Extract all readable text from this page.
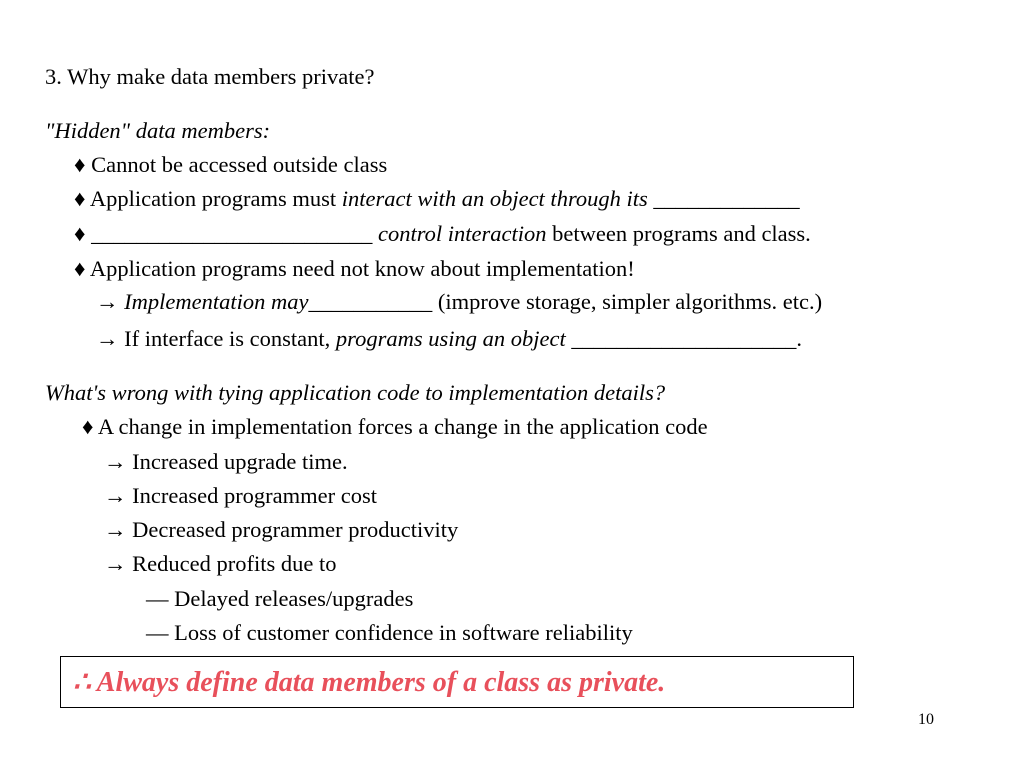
3. Why make data members private?
"Hidden" data members:
♦ Cannot be accessed outside class
♦ Application programs must interact with an object through its _____________
♦ _________________________ control interaction between programs and class.
♦ Application programs need not know about implementation!
→ Implementation may___________ (improve storage, simpler algorithms. etc.)
→ If interface is constant, programs using an object ____________________.
What's wrong with tying application code to implementation details?
♦ A change in implementation forces a change in the application code
→ Increased upgrade time.
→ Increased programmer cost
→ Decreased programmer productivity
→ Reduced profits due to
— Delayed releases/upgrades
— Loss of customer confidence in software reliability
∴ Always define data members of a class as private.
10
